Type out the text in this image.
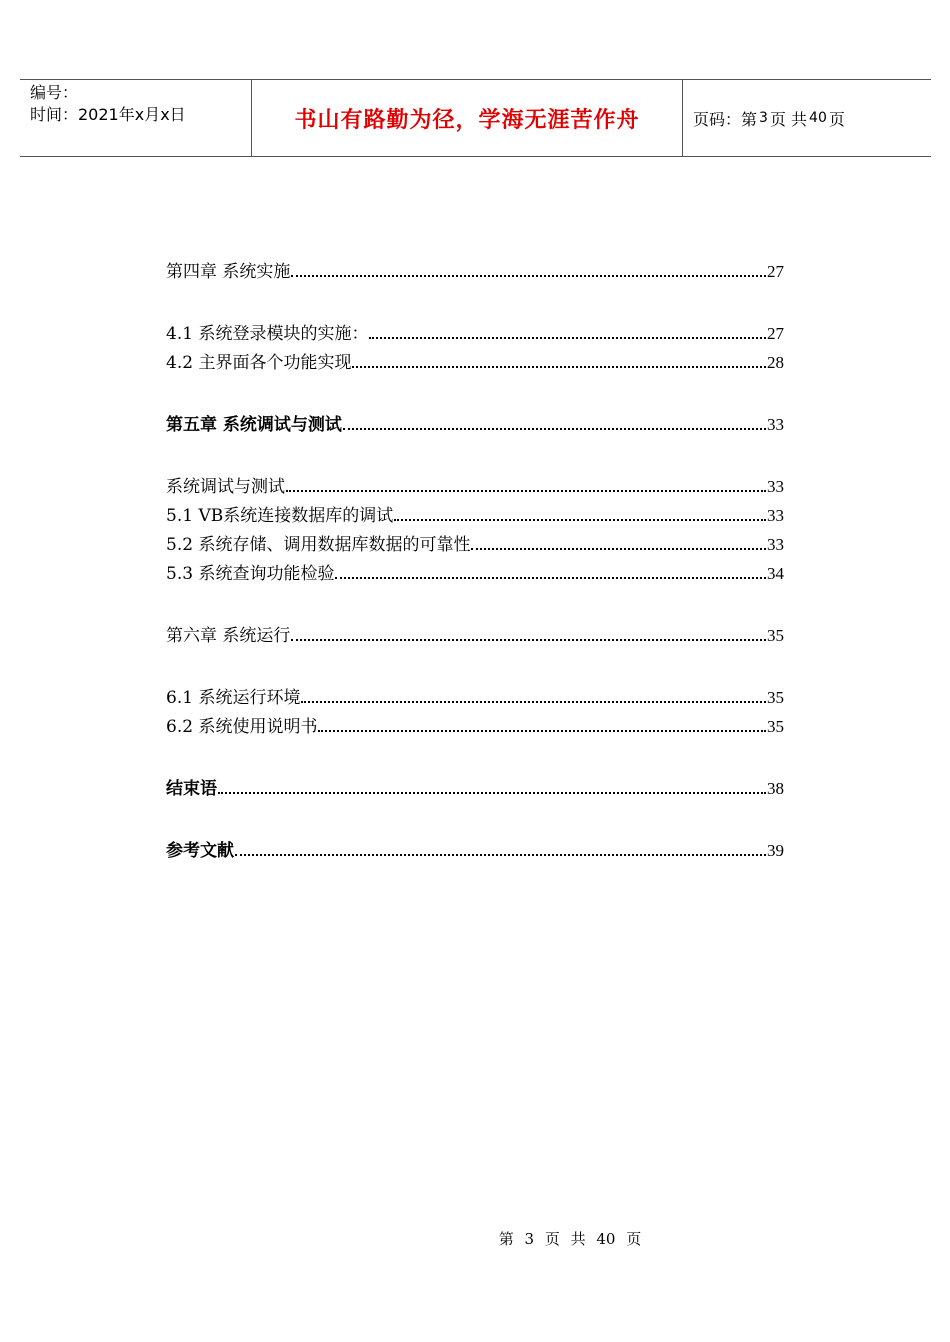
编号：
时间：2021年x月x日	书山有路勤为径，学海无涯苦作舟	页码：第 3 页 共 40 页
第四章 系统实施	27
4.1 系统登录模块的实施：	27
4.2 主界面各个功能实现	28
第五章 系统调试与测试	33
系统调试与测试	33
5.1 VB系统连接数据库的调试	33
5.2 系统存储、调用数据库数据的可靠性	33
5.3 系统查询功能检验	34
第六章 系统运行	35
6.1 系统运行环境	35
6.2 系统使用说明书	35
结束语	38
参考文献	39
第 3 页 共 40 页
